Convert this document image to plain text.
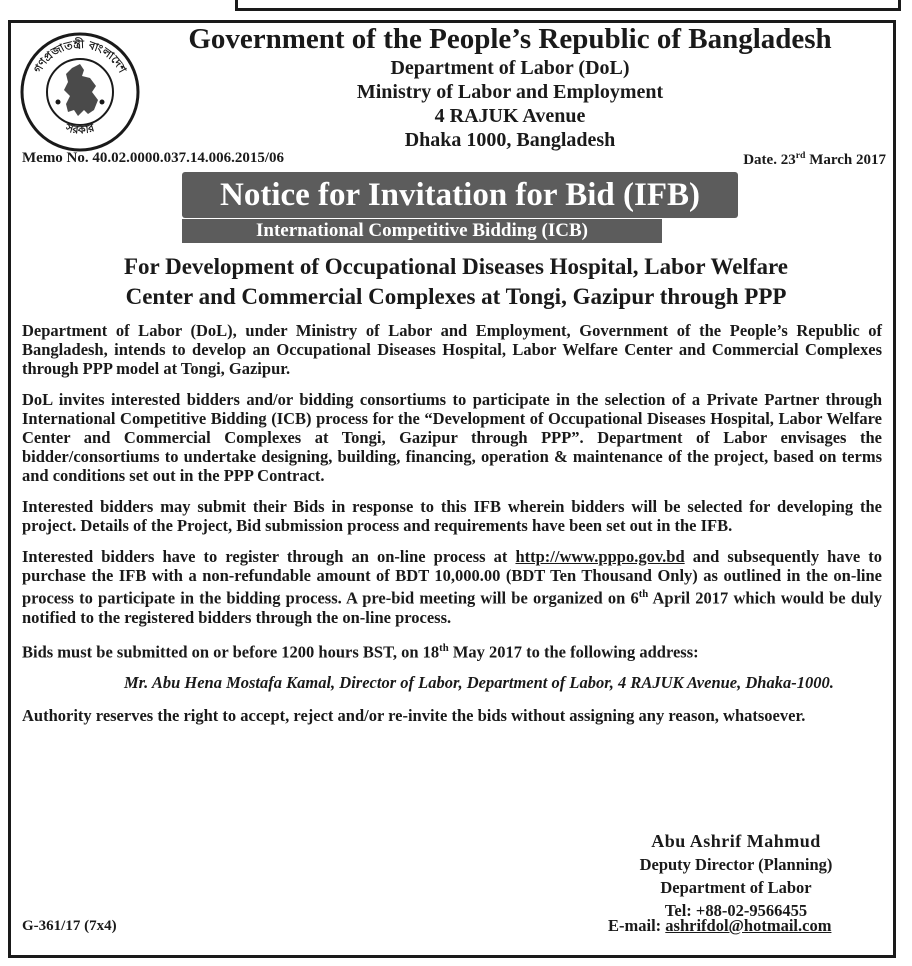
গণপ্রজাতন্ত্রী বাংলাদেশ
সরকার
Government of the People’s Republic of Bangladesh
Department of Labor (DoL)
Ministry of Labor and Employment
4 RAJUK Avenue
Dhaka 1000, Bangladesh
Memo No. 40.02.0000.037.14.006.2015/06	Date. 23rd March 2017
Notice for Invitation for Bid (IFB)
International Competitive Bidding (ICB)
For Development of Occupational Diseases Hospital, Labor Welfare
Center and Commercial Complexes at Tongi, Gazipur through PPP

Department of Labor (DoL), under Ministry of Labor and Employment, Government of the People’s Republic of Bangladesh, intends to develop an Occupational Diseases Hospital, Labor Welfare Center and Commercial Complexes through PPP model at Tongi, Gazipur.

DoL invites interested bidders and/or bidding consortiums to participate in the selection of a Private Partner through International Competitive Bidding (ICB) process for the “Development of Occupational Diseases Hospital, Labor Welfare Center and Commercial Complexes at Tongi, Gazipur through PPP”. Department of Labor envisages the bidder/consortiums to undertake designing, building, financing, operation & maintenance of the project, based on terms and conditions set out in the PPP Contract.

Interested bidders may submit their Bids in response to this IFB wherein bidders will be selected for developing the project. Details of the Project, Bid submission process and requirements have been set out in the IFB.

Interested bidders have to register through an on-line process at http://www.pppo.gov.bd and subsequently have to purchase the IFB with a non-refundable amount of BDT 10,000.00 (BDT Ten Thousand Only) as outlined in the on-line process to participate in the bidding process. A pre-bid meeting will be organized on 6th April 2017 which would be duly notified to the registered bidders through the on-line process.

Bids must be submitted on or before 1200 hours BST, on 18th May 2017 to the following address:

Mr. Abu Hena Mostafa Kamal, Director of Labor, Department of Labor, 4 RAJUK Avenue, Dhaka-1000.

Authority reserves the right to accept, reject and/or re-invite the bids without assigning any reason, whatsoever.

Abu Ashrif Mahmud
Deputy Director (Planning)
Department of Labor
Tel: +88-02-9566455
E-mail: ashrifdol@hotmail.com
G-361/17 (7x4)
